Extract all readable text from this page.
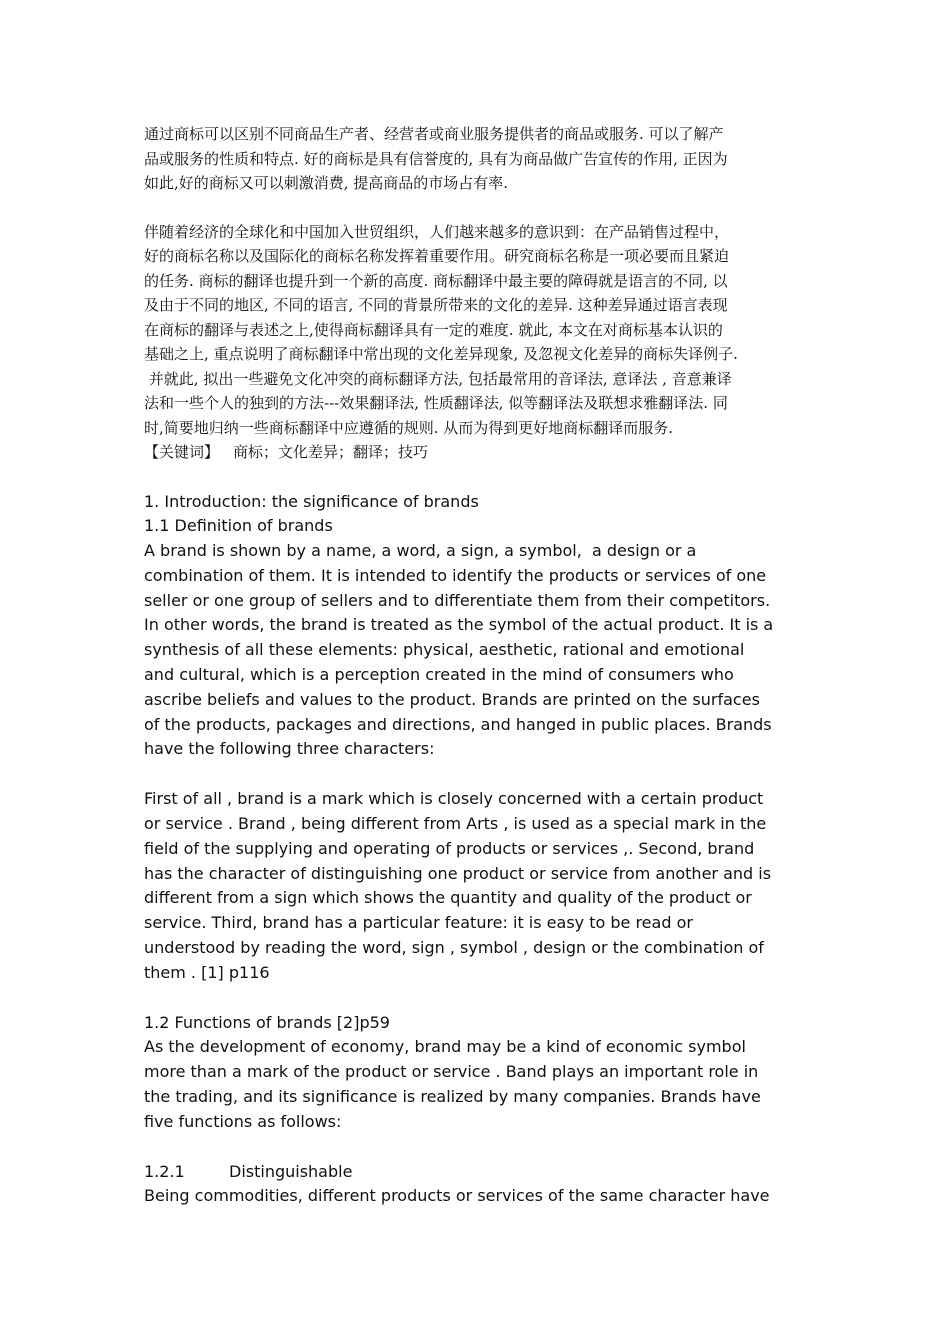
通过商标可以区别不同商品生产者、经营者或商业服务提供者的商品或服务. 可以了解产

品或服务的性质和特点. 好的商标是具有信誉度的, 具有为商品做广告宣传的作用, 正因为

如此,好的商标又可以刺激消费, 提高商品的市场占有率.

伴随着经济的全球化和中国加入世贸组织，人们越来越多的意识到：在产品销售过程中，

好的商标名称以及国际化的商标名称发挥着重要作用。研究商标名称是一项必要而且紧迫

的任务. 商标的翻译也提升到一个新的高度. 商标翻译中最主要的障碍就是语言的不同, 以

及由于不同的地区, 不同的语言, 不同的背景所带来的文化的差异. 这种差异通过语言表现

在商标的翻译与表述之上,使得商标翻译具有一定的难度. 就此, 本文在对商标基本认识的

基础之上, 重点说明了商标翻译中常出现的文化差异现象, 及忽视文化差异的商标失译例子.

并就此, 拟出一些避免文化冲突的商标翻译方法, 包括最常用的音译法, 意译法 , 音意兼译

法和一些个人的独到的方法---效果翻译法, 性质翻译法, 似等翻译法及联想求雅翻译法. 同

时,简要地归纳一些商标翻译中应遵循的规则. 从而为得到更好地商标翻译而服务.

【关键词】 商标；文化差异；翻译；技巧

1. Introduction: the significance of brands

1.1 Definition of brands

A brand is shown by a name, a word, a sign, a symbol,  a design or a

combination of them. It is intended to identify the products or services of one

seller or one group of sellers and to differentiate them from their competitors.

In other words, the brand is treated as the symbol of the actual product. It is a

synthesis of all these elements: physical, aesthetic, rational and emotional

and cultural, which is a perception created in the mind of consumers who

ascribe beliefs and values to the product. Brands are printed on the surfaces

of the products, packages and directions, and hanged in public places. Brands

have the following three characters:

First of all , brand is a mark which is closely concerned with a certain product

or service . Brand , being different from Arts , is used as a special mark in the

field of the supplying and operating of products or services ,. Second, brand

has the character of distinguishing one product or service from another and is

different from a sign which shows the quantity and quality of the product or

service. Third, brand has a particular feature: it is easy to be read or

understood by reading the word, sign , symbol , design or the combination of

them . [1] p116

1.2 Functions of brands [2]p59

As the development of economy, brand may be a kind of economic symbol

more than a mark of the product or service . Band plays an important role in

the trading, and its significance is realized by many companies. Brands have

five functions as follows:

1.2.1	Distinguishable

Being commodities, different products or services of the same character have
